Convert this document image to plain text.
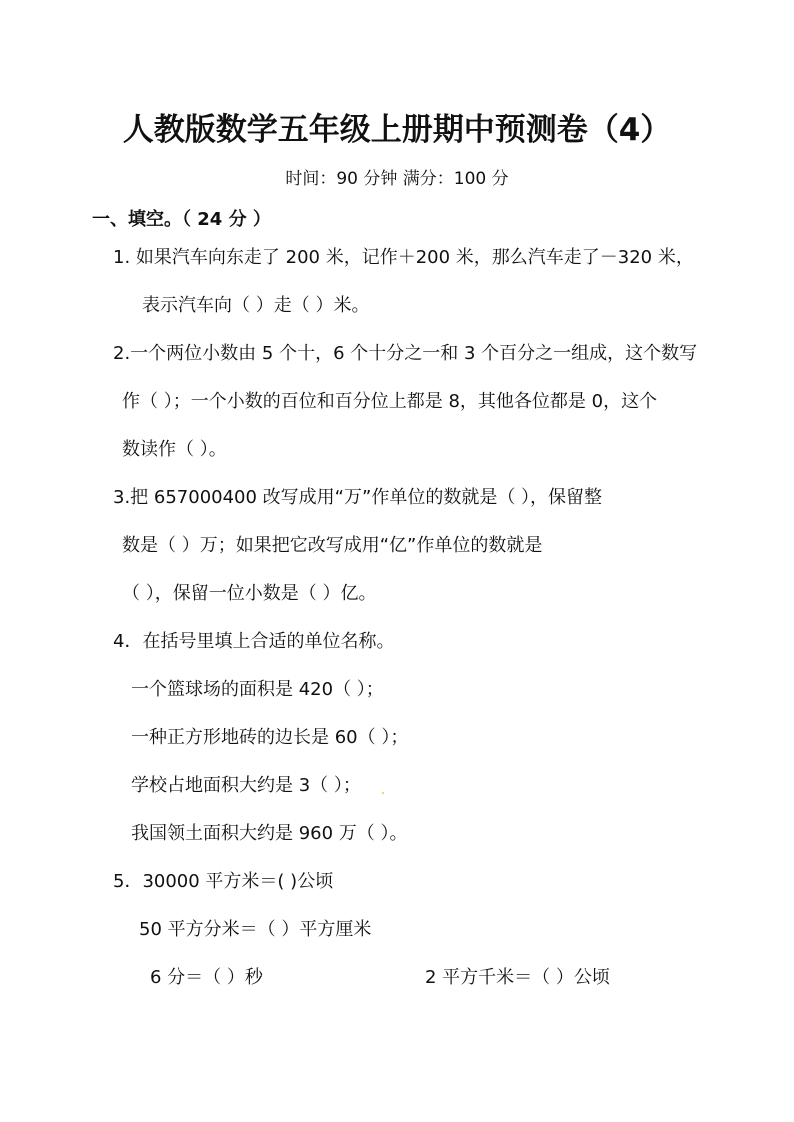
人教版数学五年级上册期中预测卷（4）
时间：90 分钟 满分：100 分
一、填空。（ 24 分 ）
1. 如果汽车向东走了 200 米，记作＋200 米，那么汽车走了－320 米，
表示汽车向（ ）走（ ）米。
2.一个两位小数由 5 个十，6 个十分之一和 3 个百分之一组成，这个数写
作（ ）；一个小数的百位和百分位上都是 8，其他各位都是 0，这个
数读作（ ）。
3.把 657000400 改写成用“万”作单位的数就是（ ），保留整
数是（ ）万；如果把它改写成用“亿”作单位的数就是
（ ），保留一位小数是（ ）亿。
4．在括号里填上合适的单位名称。
一个篮球场的面积是 420（ ）；
一种正方形地砖的边长是 60（ ）；
学校占地面积大约是 3（ ）；
我国领土面积大约是 960 万（ ）。
5．30000 平方米＝( )公顷
50 平方分米＝（ ）平方厘米
6 分＝（ ）秒	2 平方千米＝（ ）公顷
